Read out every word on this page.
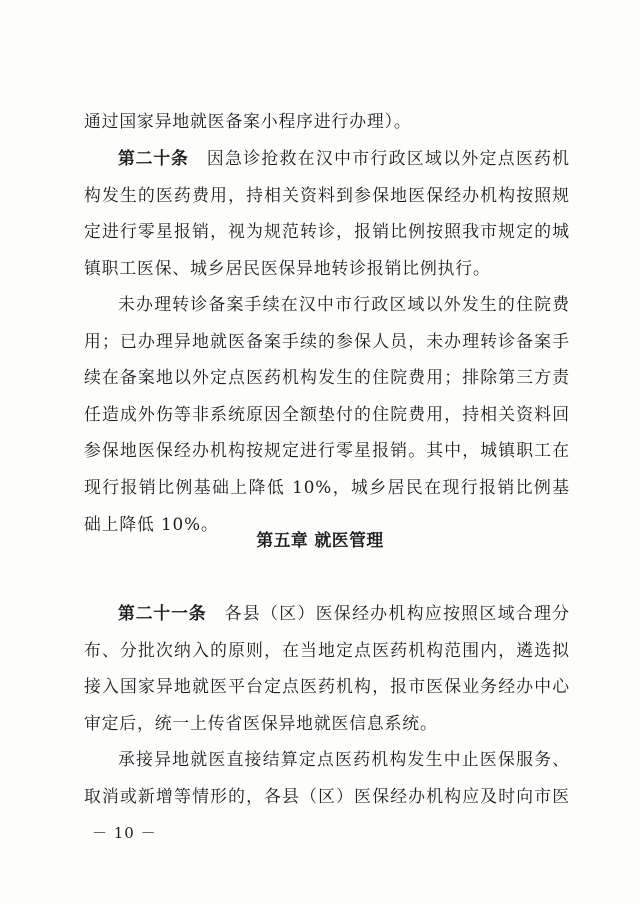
通过国家异地就医备案小程序进行办理）。

第二十条　 因急诊抢救在汉中市行政区域以外定点医药机构发生的医药费用，持相关资料到参保地医保经办机构按照规定进行零星报销，视为规范转诊，报销比例按照我市规定的城镇职工医保、城乡居民医保异地转诊报销比例执行。

未办理转诊备案手续在汉中市行政区域以外发生的住院费用；已办理异地就医备案手续的参保人员，未办理转诊备案手续在备案地以外定点医药机构发生的住院费用；排除第三方责任造成外伤等非系统原因全额垫付的住院费用，持相关资料回参保地医保经办机构按规定进行零星报销。其中，城镇职工在现行报销比例基础上降低 10%，城乡居民在现行报销比例基础上降低 10%。

第五章 就医管理

第二十一条　 各县（区）医保经办机构应按照区域合理分布、分批次纳入的原则，在当地定点医药机构范围内，遴选拟接入国家异地就医平台定点医药机构，报市医保业务经办中心审定后，统一上传省医保异地就医信息系统。

承接异地就医直接结算定点医药机构发生中止医保服务、取消或新增等情形的，各县（区）医保经办机构应及时向市医

－ 10 －
